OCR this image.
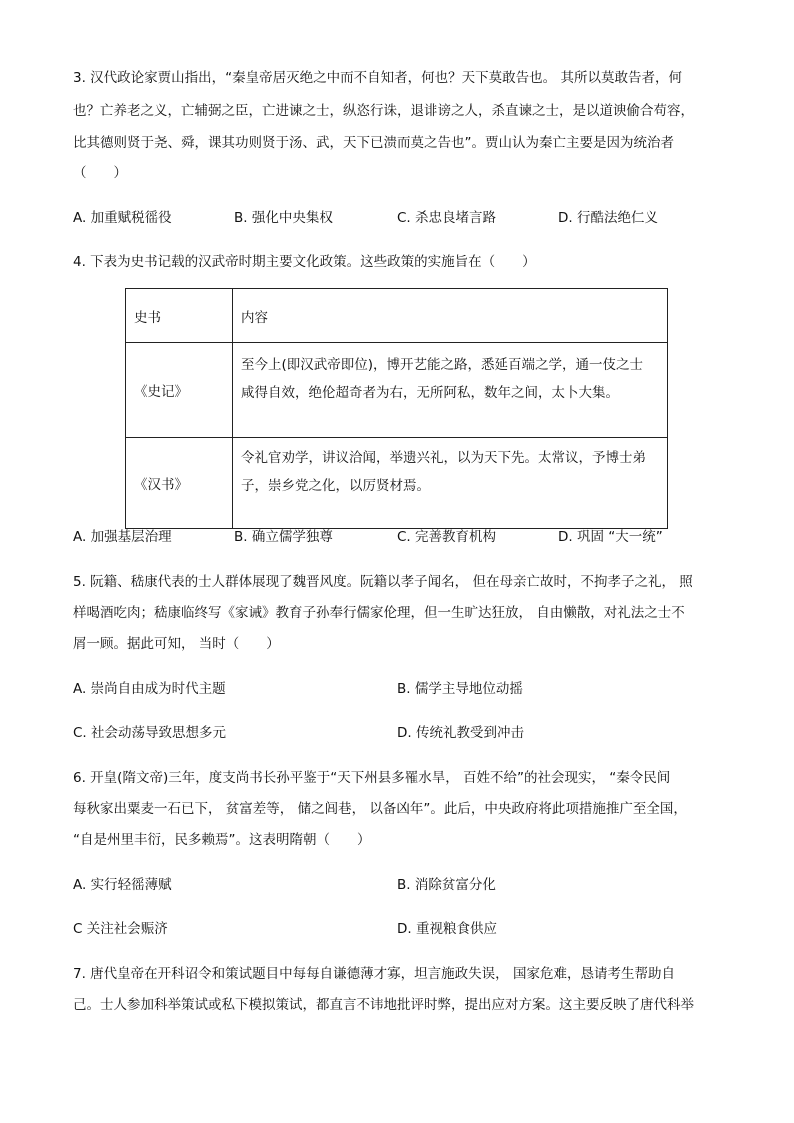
3. 汉代政论家贾山指出，“秦皇帝居灭绝之中而不自知者，何也？天下莫敢告也。 其所以莫敢告者，何
也？亡养老之义，亡辅弼之臣，亡进谏之士，纵恣行诛，退诽谤之人，杀直谏之士，是以道谀偷合苟容，
比其德则贤于尧、舜，课其功则贤于汤、武，天下已溃而莫之告也”。贾山认为秦亡主要是因为统治者
（　　）
A. 加重赋税徭役	B. 强化中央集权	C. 杀忠良堵言路	D. 行酷法绝仁义
4. 下表为史书记载的汉武帝时期主要文化政策。这些政策的实施旨在（　　）
史书	内容
《史记》	至今上(即汉武帝即位)，博开艺能之路，悉延百端之学，通一伎之士
咸得自效，绝伦超奇者为右，无所阿私，数年之间，太卜大集。

《汉书》	令礼官劝学，讲议洽闻，举遗兴礼，以为天下先。太常议，予博士弟
子，崇乡党之化，以厉贤材焉。
A. 加强基层治理	B. 确立儒学独尊	C. 完善教育机构	D. 巩固 “大一统”
5. 阮籍、嵇康代表的士人群体展现了魏晋风度。阮籍以孝子闻名， 但在母亲亡故时，不拘孝子之礼， 照
样喝酒吃肉；嵇康临终写《家诫》教育子孙奉行儒家伦理，但一生旷达狂放， 自由懒散，对礼法之士不
屑一顾。据此可知， 当时（　　）
A. 崇尚自由成为时代主题	B. 儒学主导地位动摇
C. 社会动荡导致思想多元	D. 传统礼教受到冲击
6. 开皇(隋文帝)三年，度支尚书长孙平鉴于“天下州县多罹水旱， 百姓不给”的社会现实， “秦令民间
每秋家出粟麦一石已下， 贫富差等， 储之闾巷， 以备凶年”。此后，中央政府将此项措施推广至全国，
“自是州里丰衍，民多赖焉”。这表明隋朝（　　）
A. 实行轻徭薄赋	B. 消除贫富分化
C 关注社会赈济	D. 重视粮食供应
7. 唐代皇帝在开科诏令和策试题目中每每自谦德薄才寡，坦言施政失误， 国家危难，恳请考生帮助自
己。士人参加科举策试或私下模拟策试，都直言不讳地批评时弊，提出应对方案。这主要反映了唐代科举
